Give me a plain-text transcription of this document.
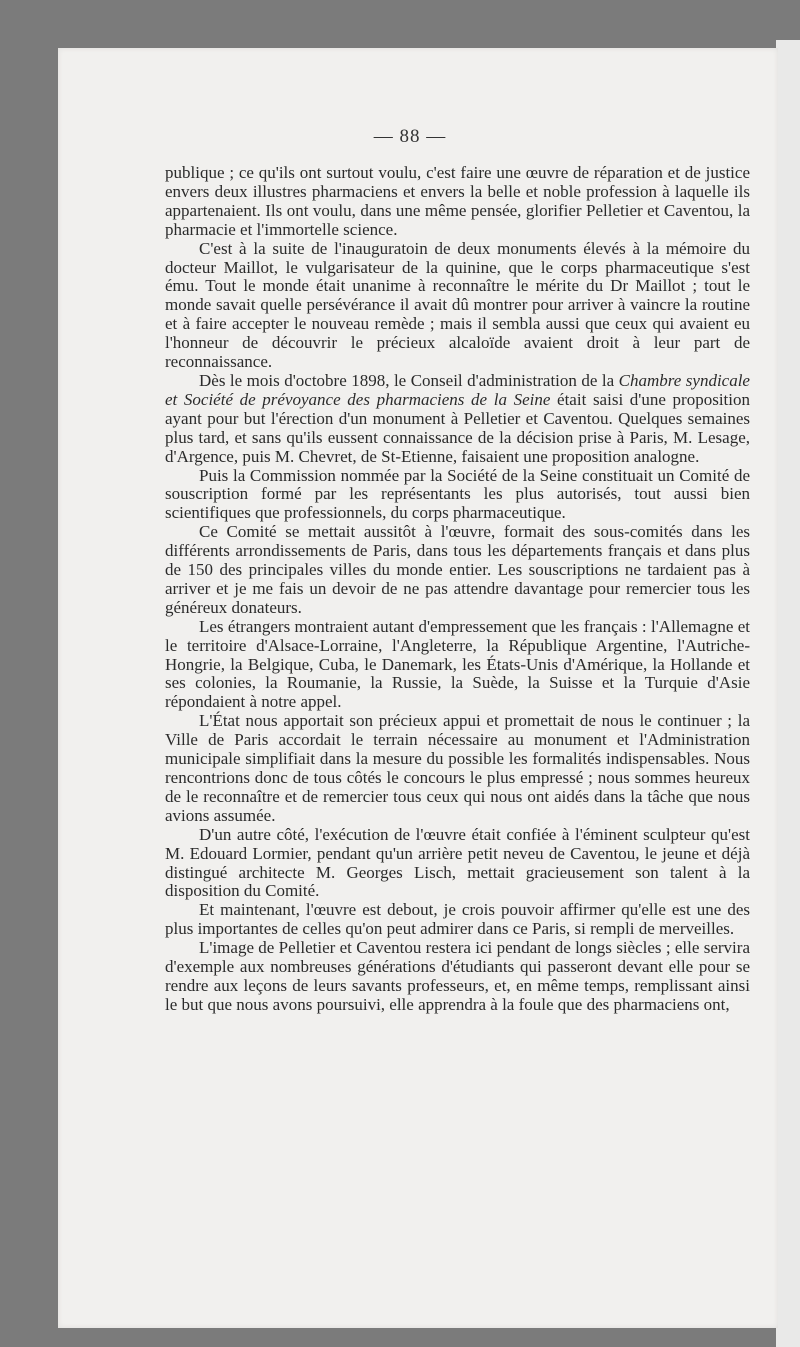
— 88 —

publique ; ce qu'ils ont surtout voulu, c'est faire une œuvre de réparation et de justice envers deux illustres pharmaciens et envers la belle et noble profession à laquelle ils appartenaient. Ils ont voulu, dans une même pensée, glorifier Pelletier et Caventou, la pharmacie et l'immortelle science.

C'est à la suite de l'inauguratoin de deux monuments élevés à la mémoire du docteur Maillot, le vulgarisateur de la quinine, que le corps pharmaceutique s'est ému. Tout le monde était unanime à reconnaître le mérite du Dr Maillot ; tout le monde savait quelle persévérance il avait dû montrer pour arriver à vaincre la routine et à faire accepter le nouveau remède ; mais il sembla aussi que ceux qui avaient eu l'honneur de découvrir le précieux alcaloïde avaient droit à leur part de reconnaissance.

Dès le mois d'octobre 1898, le Conseil d'administration de la Chambre syndicale et Société de prévoyance des pharmaciens de la Seine était saisi d'une proposition ayant pour but l'érection d'un monument à Pelletier et Caventou. Quelques semaines plus tard, et sans qu'ils eussent connaissance de la décision prise à Paris, M. Lesage, d'Argence, puis M. Chevret, de St-Etienne, faisaient une proposition analogne.

Puis la Commission nommée par la Société de la Seine constituait un Comité de souscription formé par les représentants les plus autorisés, tout aussi bien scientifiques que professionnels, du corps pharmaceutique.

Ce Comité se mettait aussitôt à l'œuvre, formait des sous-comités dans les différents arrondissements de Paris, dans tous les départements français et dans plus de 150 des principales villes du monde entier. Les souscriptions ne tardaient pas à arriver et je me fais un devoir de ne pas attendre davantage pour remercier tous les généreux donateurs.

Les étrangers montraient autant d'empressement que les français : l'Allemagne et le territoire d'Alsace-Lorraine, l'Angleterre, la République Argentine, l'Autriche-Hongrie, la Belgique, Cuba, le Danemark, les États-Unis d'Amérique, la Hollande et ses colonies, la Roumanie, la Russie, la Suède, la Suisse et la Turquie d'Asie répondaient à notre appel.

L'État nous apportait son précieux appui et promettait de nous le continuer ; la Ville de Paris accordait le terrain nécessaire au monument et l'Administration municipale simplifiait dans la mesure du possible les formalités indispensables. Nous rencontrions donc de tous côtés le concours le plus empressé ; nous sommes heureux de le reconnaître et de remercier tous ceux qui nous ont aidés dans la tâche que nous avions assumée.

D'un autre côté, l'exécution de l'œuvre était confiée à l'éminent sculpteur qu'est M. Edouard Lormier, pendant qu'un arrière petit neveu de Caventou, le jeune et déjà distingué architecte M. Georges Lisch, mettait gracieusement son talent à la disposition du Comité.

Et maintenant, l'œuvre est debout, je crois pouvoir affirmer qu'elle est une des plus importantes de celles qu'on peut admirer dans ce Paris, si rempli de merveilles.

L'image de Pelletier et Caventou restera ici pendant de longs siècles ; elle servira d'exemple aux nombreuses générations d'étudiants qui passeront devant elle pour se rendre aux leçons de leurs savants professeurs, et, en même temps, remplissant ainsi le but que nous avons poursuivi, elle apprendra à la foule que des pharmaciens ont,
